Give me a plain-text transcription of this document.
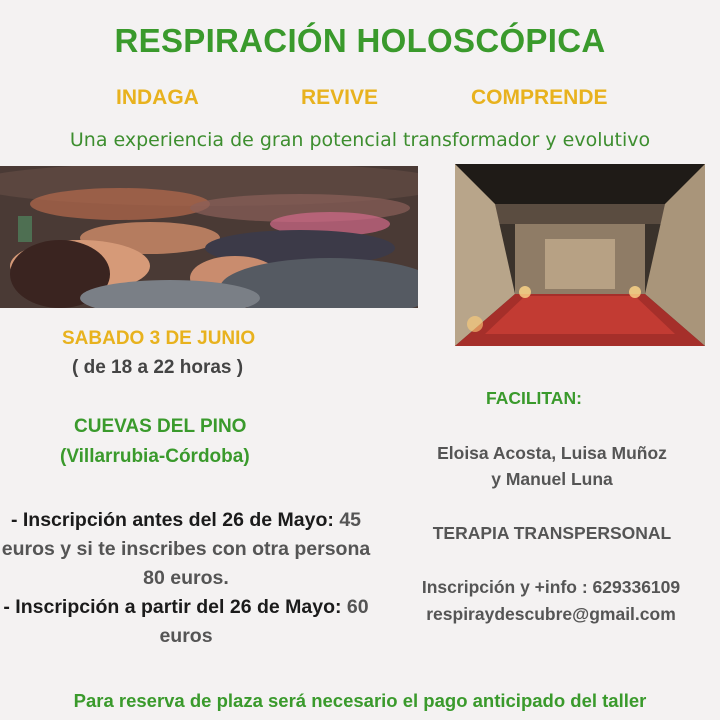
RESPIRACIÓN HOLOSCÓPICA
INDAGA	REVIVE	COMPRENDE
Una experiencia de gran potencial transformador y evolutivo
SABADO 3 DE JUNIO
( de 18 a 22 horas )
CUEVAS DEL PINO
(Villarrubia-Córdoba)
- Inscripción antes del 26 de Mayo: 45 euros y si te inscribes con otra persona 80 euros.
- Inscripción a partir del 26 de Mayo: 60 euros
FACILITAN:
Eloisa Acosta, Luisa Muñoz
y Manuel Luna
TERAPIA TRANSPERSONAL
Inscripción y +info : 629336109
respiraydescubre@gmail.com
Para reserva de plaza será necesario el pago anticipado del taller
